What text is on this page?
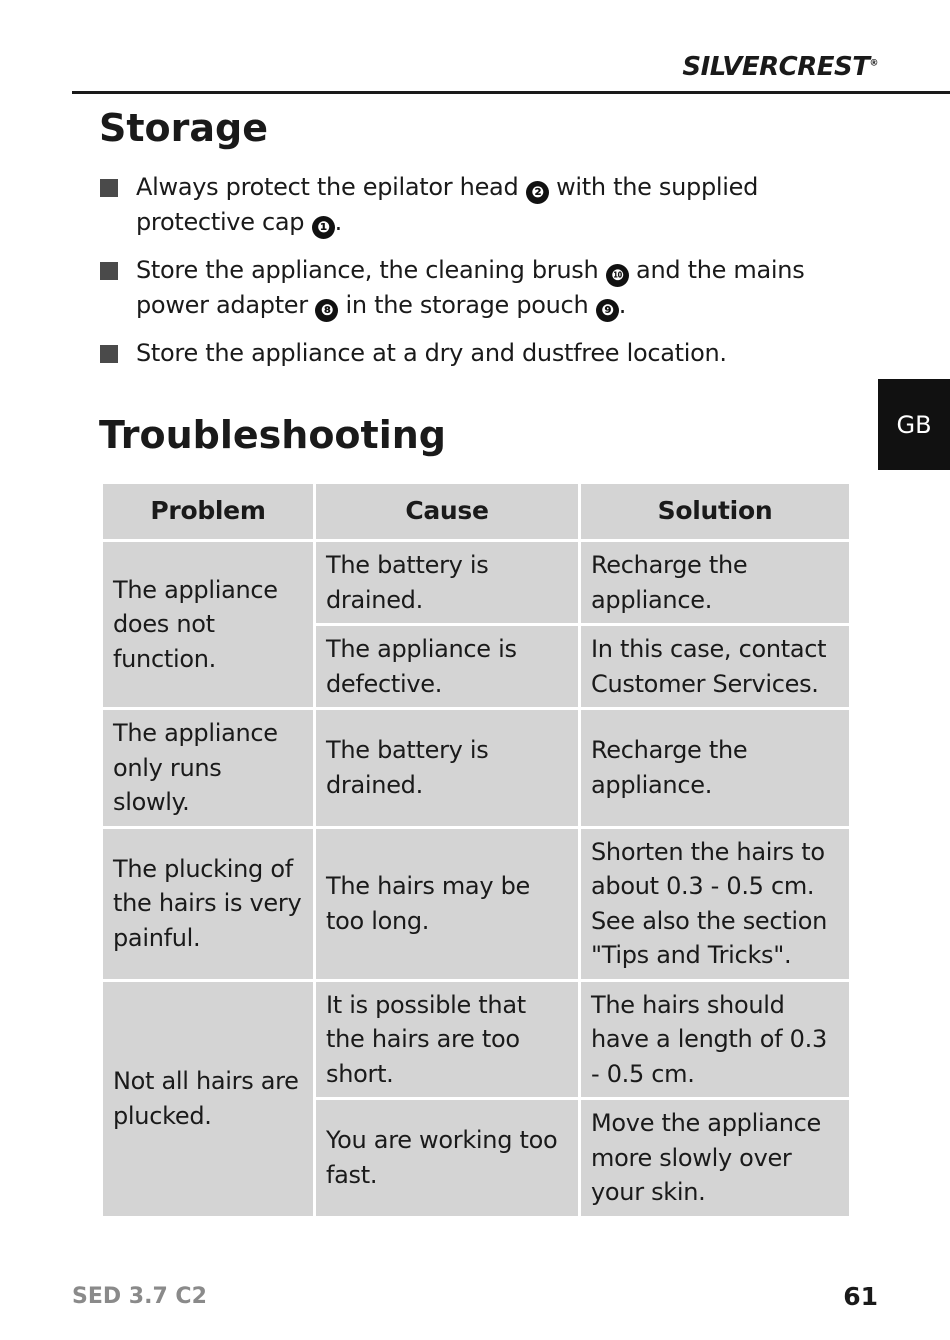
SILVERCREST®
GB
Storage
Always protect the epilator head ❷ with the supplied protective cap ❶ .
Store the appliance, the cleaning brush ❿ and the mains power adapter ❽ in the storage pouch ❾ .
Store the appliance at a dry and dustfree location.
Troubleshooting
Problem	Cause	Solution
The appliance does not function.	The battery is drained.	Recharge the appliance.
	The appliance is defective.	In this case, contact Customer Services.
The appliance only runs slowly.	The battery is drained.	Recharge the appliance.
The plucking of the hairs is very painful.	The hairs may be too long.	Shorten the hairs to about 0.3 - 0.5 cm. See also the section "Tips and Tricks".
Not all hairs are plucked.	It is possible that the hairs are too short.	The hairs should have a length of 0.3 - 0.5 cm.
	You are working too fast.	Move the appliance more slowly over your skin.
SED 3.7 C2	61
